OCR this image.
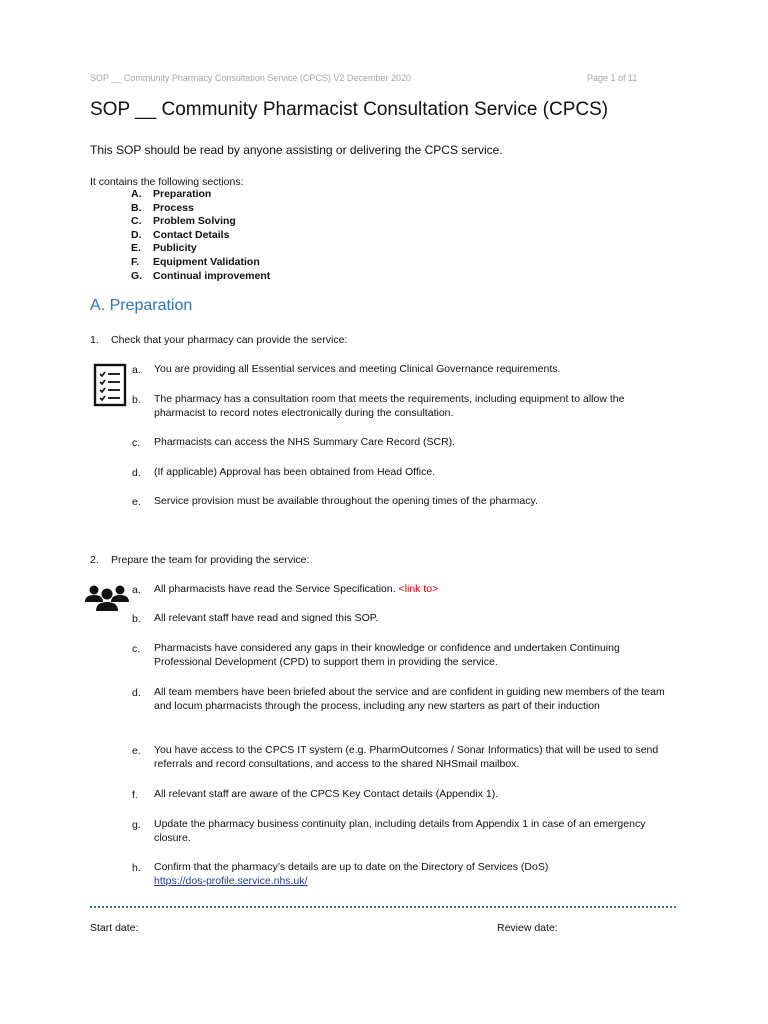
SOP __ Community Pharmacy Consultation Service (CPCS) V2 December 2020	Page 1 of 11
SOP __ Community Pharmacist Consultation Service (CPCS)
This SOP should be read by anyone assisting or delivering the CPCS service.
It contains the following sections:
A. Preparation
B. Process
C. Problem Solving
D. Contact Details
E. Publicity
F. Equipment Validation
G. Continual improvement
A. Preparation
1. Check that your pharmacy can provide the service:
a. You are providing all Essential services and meeting Clinical Governance requirements.
b. The pharmacy has a consultation room that meets the requirements, including equipment to allow the pharmacist to record notes electronically during the consultation.
c. Pharmacists can access the NHS Summary Care Record (SCR).
d. (If applicable) Approval has been obtained from Head Office.
e. Service provision must be available throughout the opening times of the pharmacy.
2. Prepare the team for providing the service:
a. All pharmacists have read the Service Specification. <link to>
b. All relevant staff have read and signed this SOP.
c. Pharmacists have considered any gaps in their knowledge or confidence and undertaken Continuing Professional Development (CPD) to support them in providing the service.
d. All team members have been briefed about the service and are confident in guiding new members of the team and locum pharmacists through the process, including any new starters as part of their induction
e. You have access to the CPCS IT system (e.g. PharmOutcomes / Sonar Informatics) that will be used to send referrals and record consultations, and access to the shared NHSmail mailbox.
f. All relevant staff are aware of the CPCS Key Contact details (Appendix 1).
g. Update the pharmacy business continuity plan, including details from Appendix 1 in case of an emergency closure.
h. Confirm that the pharmacy’s details are up to date on the Directory of Services (DoS)
https://dos-profile.service.nhs.uk/
Start date:	Review date:
